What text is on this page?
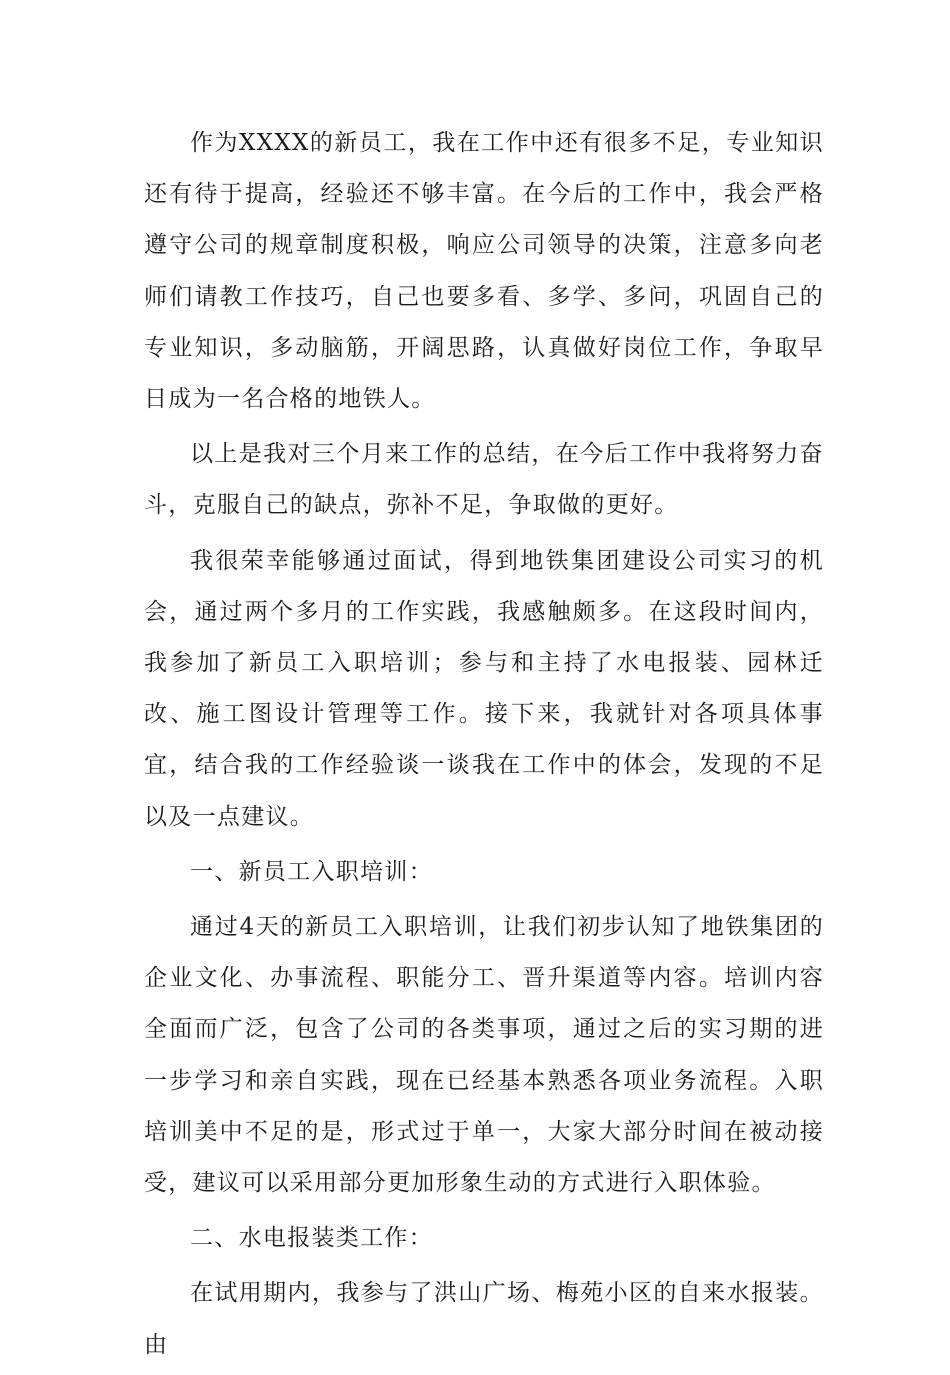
作为XXXX的新员工，我在工作中还有很多不足，专业知识还有待于提高，经验还不够丰富。在今后的工作中，我会严格遵守公司的规章制度积极，响应公司领导的决策，注意多向老师们请教工作技巧，自己也要多看、多学、多问，巩固自己的专业知识，多动脑筋，开阔思路，认真做好岗位工作，争取早日成为一名合格的地铁人。

以上是我对三个月来工作的总结，在今后工作中我将努力奋斗，克服自己的缺点，弥补不足，争取做的更好。

我很荣幸能够通过面试，得到地铁集团建设公司实习的机会，通过两个多月的工作实践，我感触颇多。在这段时间内，我参加了新员工入职培训；参与和主持了水电报装、园林迁改、施工图设计管理等工作。接下来，我就针对各项具体事宜，结合我的工作经验谈一谈我在工作中的体会，发现的不足以及一点建议。

一、新员工入职培训：

通过4天的新员工入职培训，让我们初步认知了地铁集团的企业文化、办事流程、职能分工、晋升渠道等内容。培训内容全面而广泛，包含了公司的各类事项，通过之后的实习期的进一步学习和亲自实践，现在已经基本熟悉各项业务流程。入职培训美中不足的是，形式过于单一，大家大部分时间在被动接受，建议可以采用部分更加形象生动的方式进行入职体验。

二、水电报装类工作：

在试用期内，我参与了洪山广场、梅苑小区的自来水报装。由
